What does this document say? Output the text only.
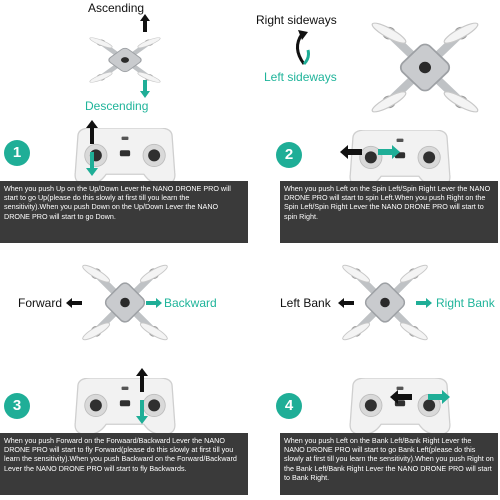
Ascending
Descending
1
When you push Up on the Up/Down Lever the NANO DRONE PRO will start to go Up(please do this slowly at first till you learn the sensitivity).When you push Down on the Up/Down Lever the NANO DRONE PRO will start to go Down.
Right sideways
Left sideways
2
When you push Left on the Spin Left/Spin Right Lever the NANO DRONE PRO will start to spin Left.When you push Right on the Spin Left/Spin Right Lever the NANO DRONE PRO will start to spin Right.
Forward	Backward
3
When you push Forward on the Forwaard/Backward Lever the NANO DRONE PRO will start to fly Forward(please do this slowly at first till you learn the sensitivity).When you push Backward on the Forward/Backward Lever the NANO DRONE PRO will start to fly Backwards.
Left Bank	Right Bank
4
When you push Left on the Bank Left/Bank Right Lever the NANO DRONE PRO will start to go Bank Left(please do this slowly at first till you learn the sensitivity).When you push Right on the Bank Left/Bank Right Lever the NANO DRONE PRO will start to Bank Right.
